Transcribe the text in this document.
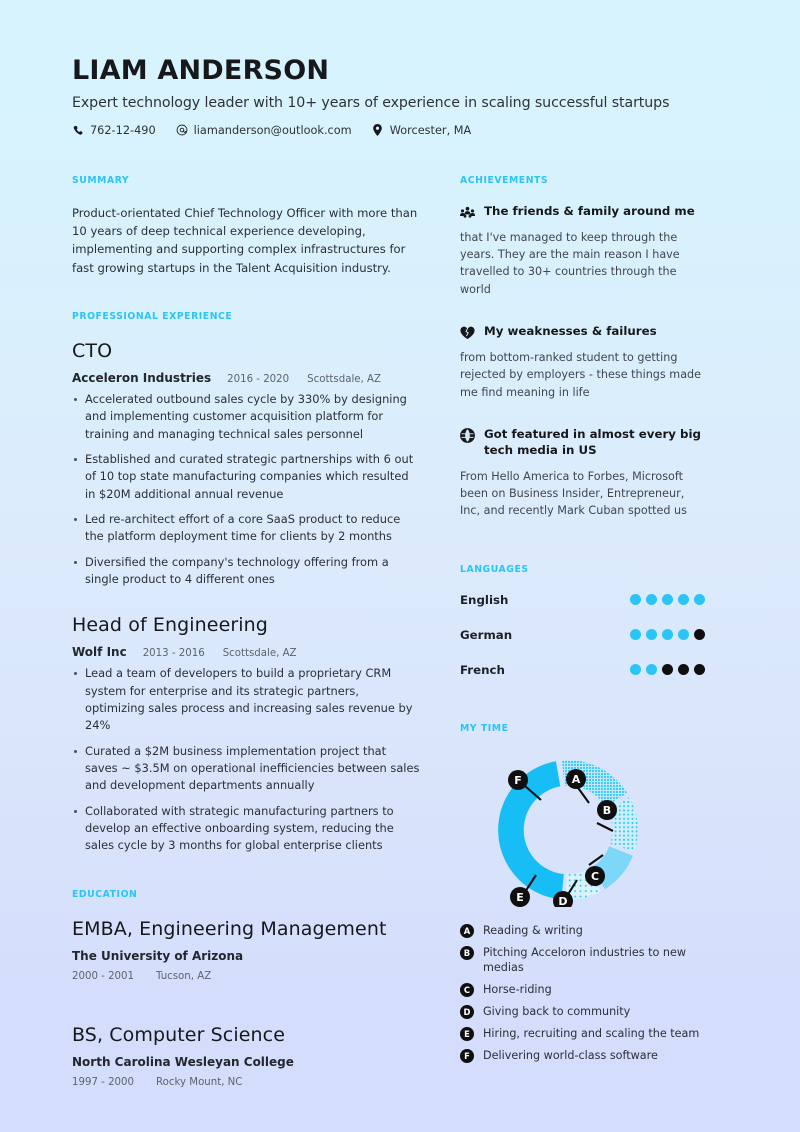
LIAM ANDERSON
Expert technology leader with 10+ years of experience in scaling successful startups
762-12-490	liamanderson@outlook.com	Worcester, MA
SUMMARY
Product-orientated Chief Technology Officer with more than 10 years of deep technical experience developing, implementing and supporting complex infrastructures for fast growing startups in the Talent Acquisition industry.
PROFESSIONAL EXPERIENCE
CTO
Acceleron Industries 2016 - 2020 Scottsdale, AZ
Accelerated outbound sales cycle by 330% by designing and implementing customer acquisition platform for training and managing technical sales personnel
Established and curated strategic partnerships with 6 out of 10 top state manufacturing companies which resulted in $20M additional annual revenue
Led re-architect effort of a core SaaS product to reduce the platform deployment time for clients by 2 months
Diversified the company's technology offering from a single product to 4 different ones
Head of Engineering
Wolf Inc 2013 - 2016 Scottsdale, AZ
Lead a team of developers to build a proprietary CRM system for enterprise and its strategic partners, optimizing sales process and increasing sales revenue by 24%
Curated a $2M business implementation project that saves ~ $3.5M on operational inefficiencies between sales and development departments annually
Collaborated with strategic manufacturing partners to develop an effective onboarding system, reducing the sales cycle by 3 months for global enterprise clients
EDUCATION
EMBA, Engineering Management
The University of Arizona
2000 - 2001 Tucson, AZ
BS, Computer Science
North Carolina Wesleyan College
1997 - 2000 Rocky Mount, NC
ACHIEVEMENTS
The friends & family around me
that I've managed to keep through the years. They are the main reason I have travelled to 30+ countries through the world
My weaknesses & failures
from bottom-ranked student to getting rejected by employers - these things made me find meaning in life
Got featured in almost every big tech media in US
From Hello America to Forbes, Microsoft been on Business Insider, Entrepreneur, Inc, and recently Mark Cuban spotted us
LANGUAGES
English
German
French
MY TIME
A
B
C
D
E
F
A	Reading & writing
B	Pitching Acceloron industries to new medias
C	Horse-riding
D	Giving back to community
E	Hiring, recruiting and scaling the team
F	Delivering world-class software
